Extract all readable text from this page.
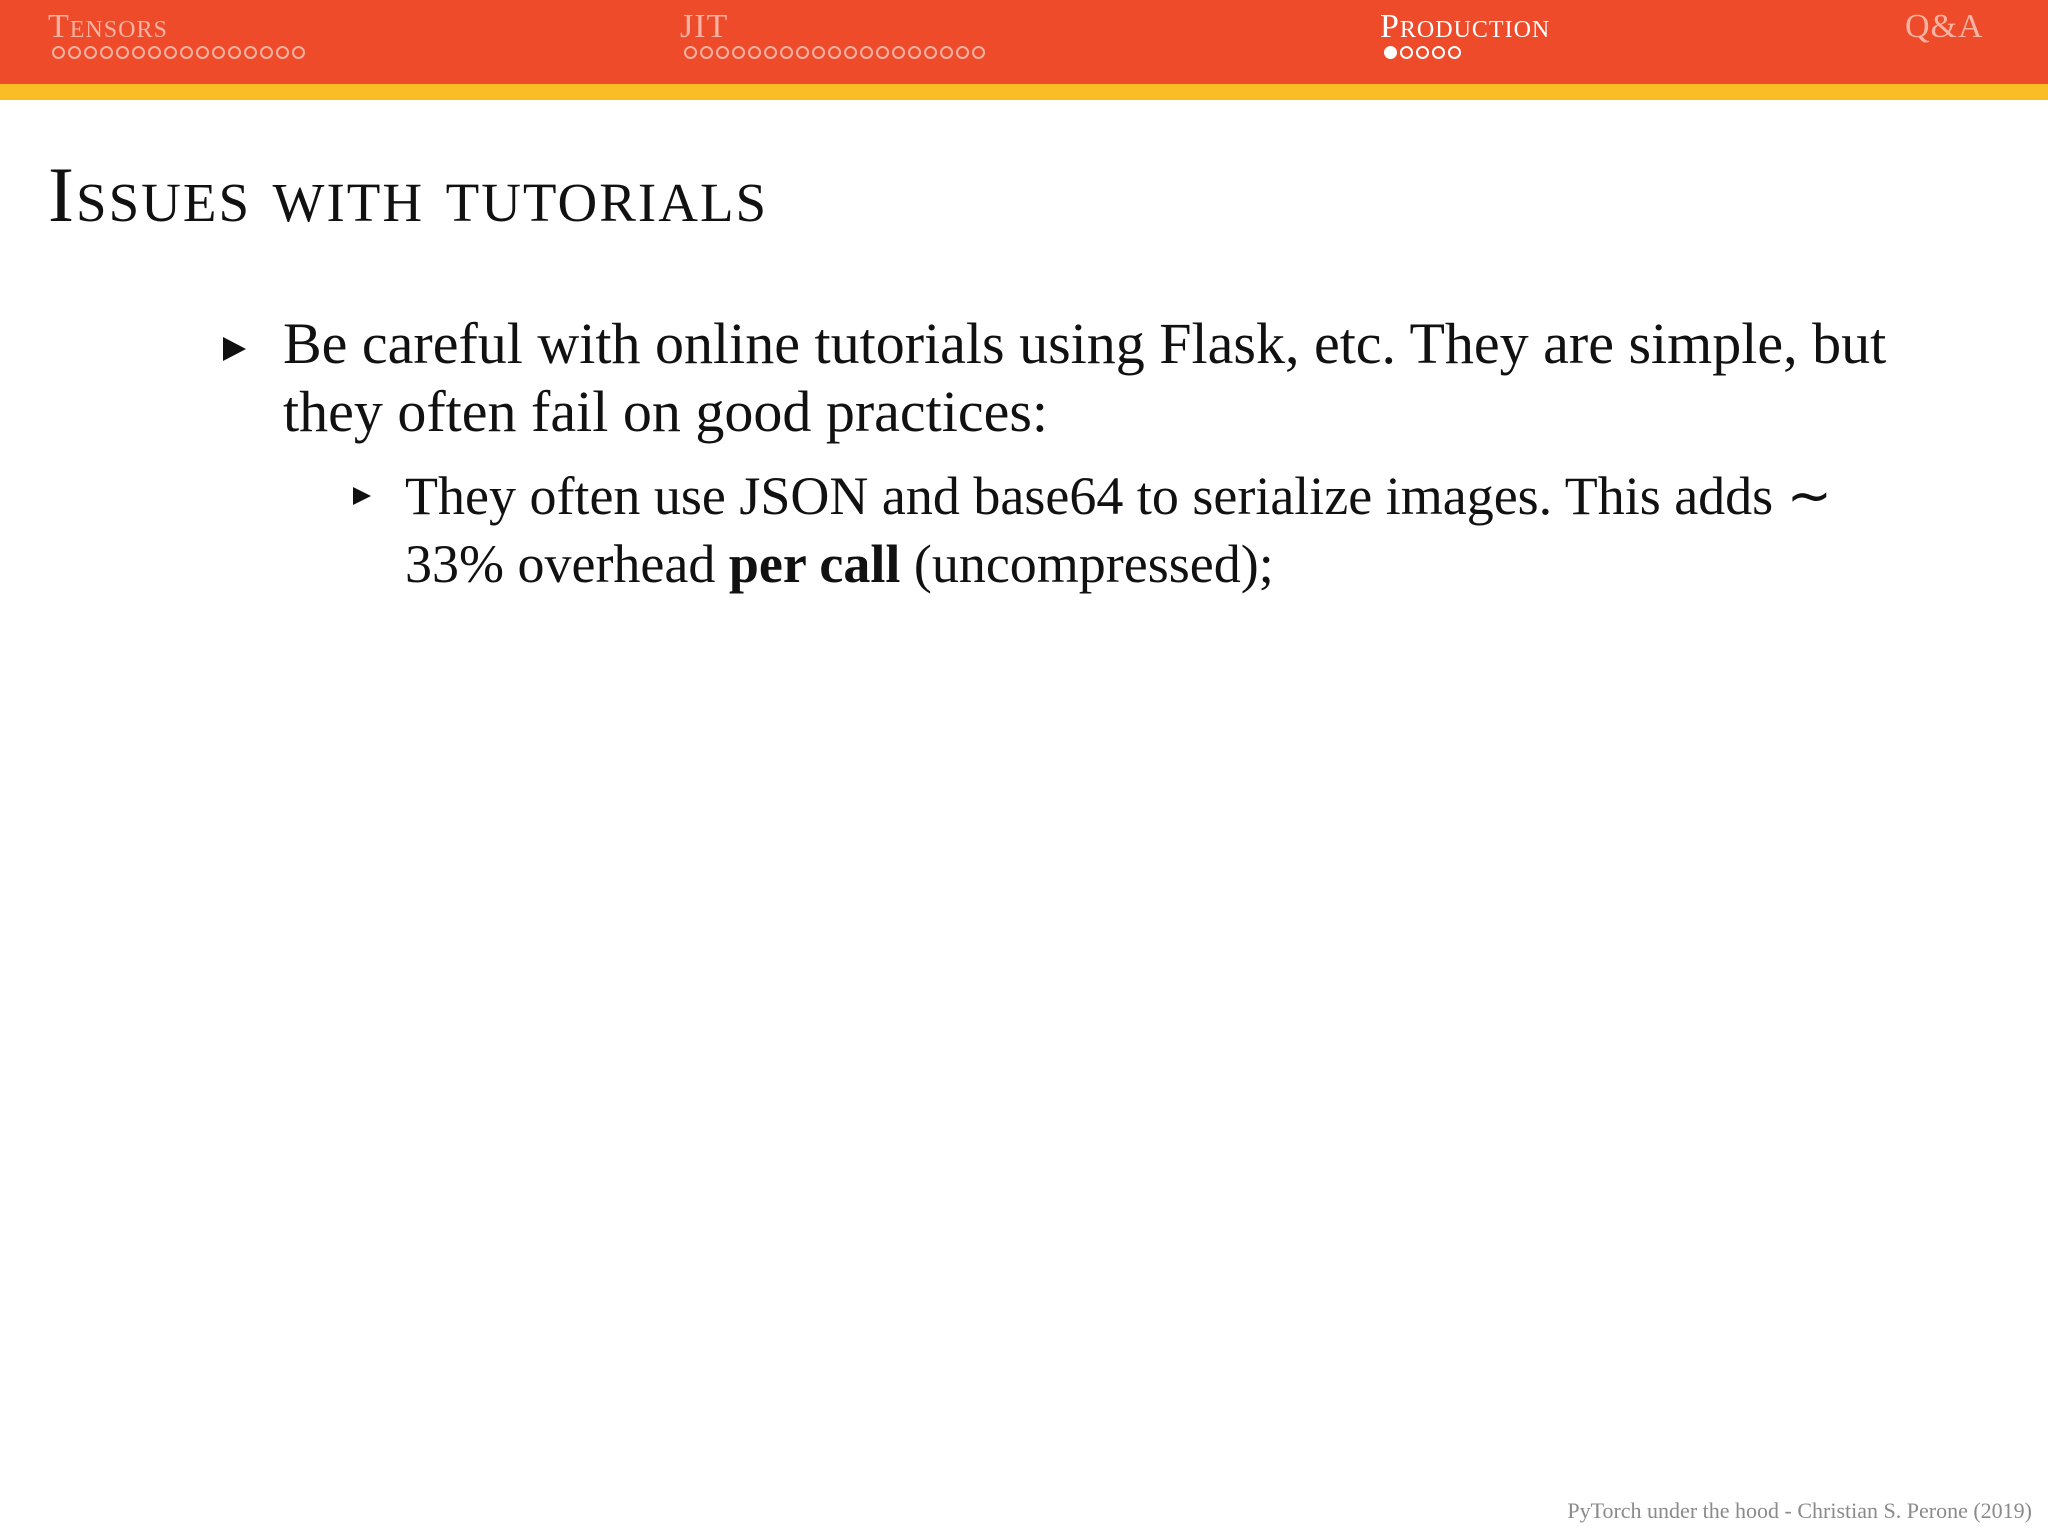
Tensors	JIT	Production	Q&A
Issues with tutorials

Be careful with online tutorials using Flask, etc. They are simple, but they often fail on good practices:

They often use JSON and base64 to serialize images. This adds ∼ 33% overhead per call (uncompressed);

PyTorch under the hood - Christian S. Perone (2019)
